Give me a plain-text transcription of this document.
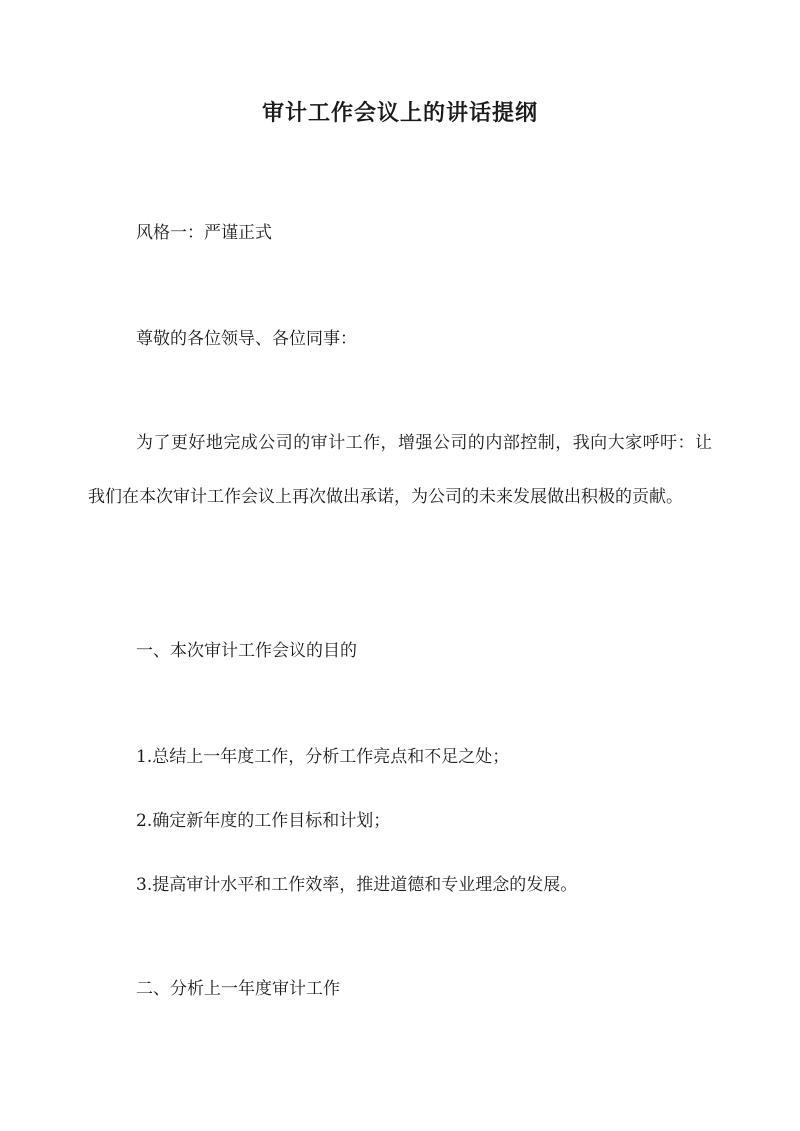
审计工作会议上的讲话提纲
风格一：严谨正式
尊敬的各位领导、各位同事：
为了更好地完成公司的审计工作，增强公司的内部控制，我向大家呼吁：让我们在本次审计工作会议上再次做出承诺，为公司的未来发展做出积极的贡献。
一、本次审计工作会议的目的
1.总结上一年度工作，分析工作亮点和不足之处；
2.确定新年度的工作目标和计划；
3.提高审计水平和工作效率，推进道德和专业理念的发展。
二、分析上一年度审计工作
